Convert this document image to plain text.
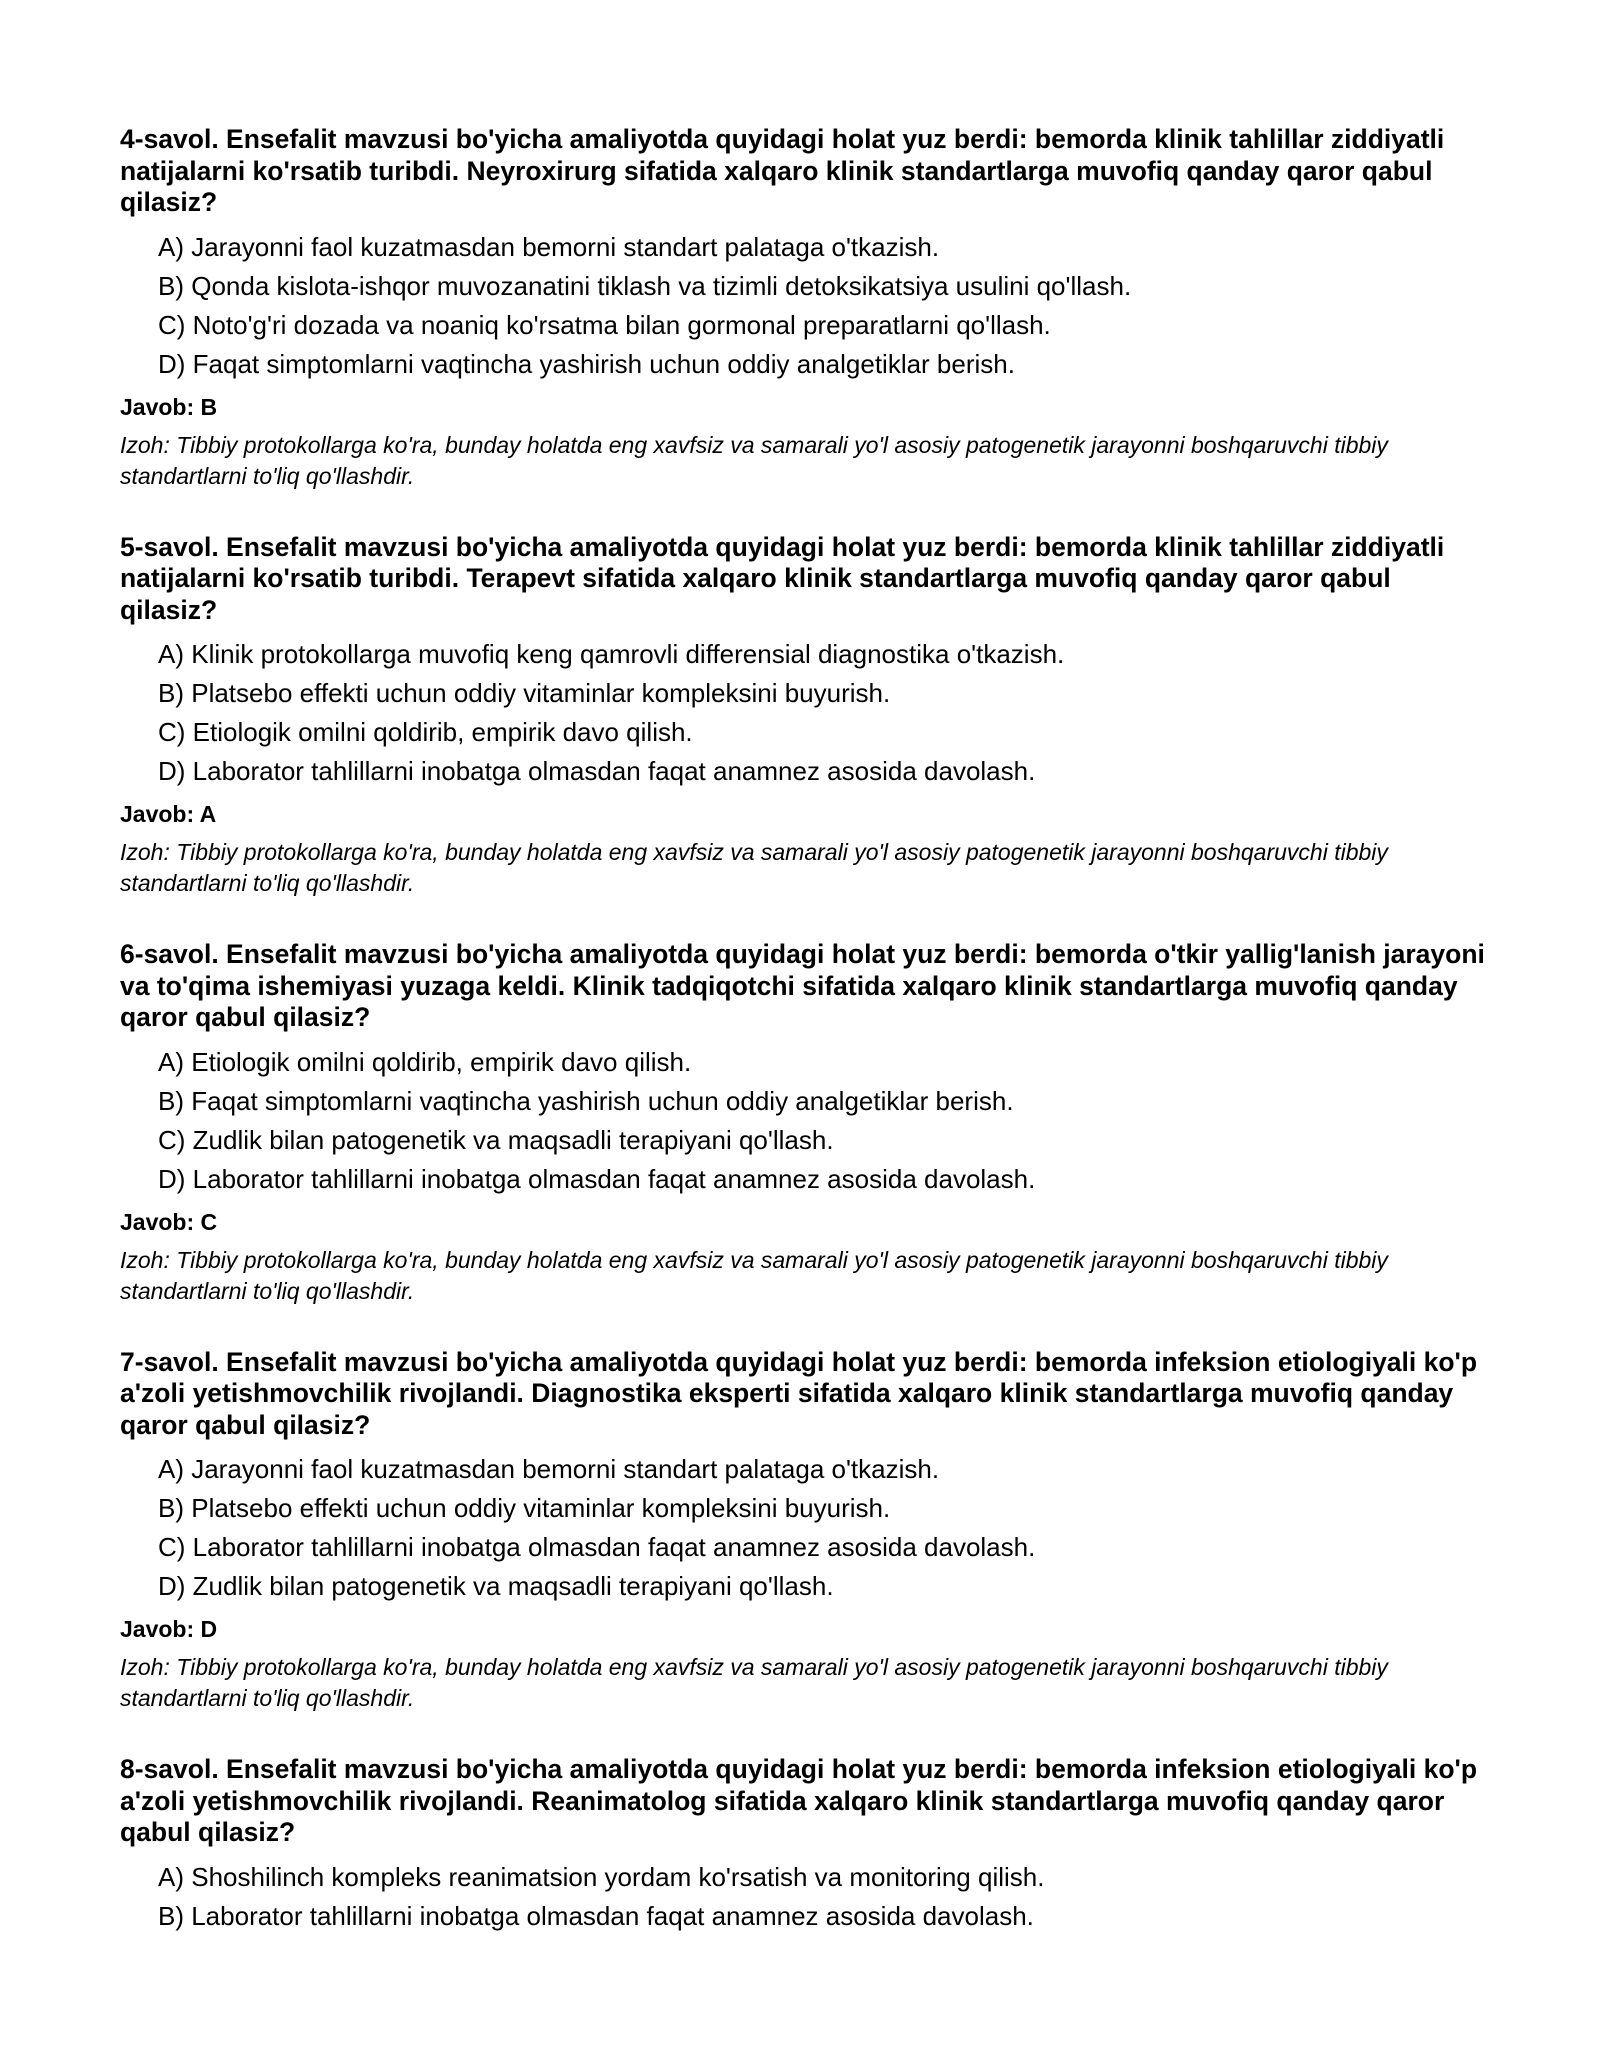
4-savol. Ensefalit mavzusi bo'yicha amaliyotda quyidagi holat yuz berdi: bemorda klinik tahlillar ziddiyatli natijalarni ko'rsatib turibdi. Neyroxirurg sifatida xalqaro klinik standartlarga muvofiq qanday qaror qabul qilasiz?
A) Jarayonni faol kuzatmasdan bemorni standart palataga o'tkazish.
B) Qonda kislota-ishqor muvozanatini tiklash va tizimli detoksikatsiya usulini qo'llash.
C) Noto'g'ri dozada va noaniq ko'rsatma bilan gormonal preparatlarni qo'llash.
D) Faqat simptomlarni vaqtincha yashirish uchun oddiy analgetiklar berish.
Javob: B
Izoh: Tibbiy protokollarga ko'ra, bunday holatda eng xavfsiz va samarali yo'l asosiy patogenetik jarayonni boshqaruvchi tibbiy standartlarni to'liq qo'llashdir.
5-savol. Ensefalit mavzusi bo'yicha amaliyotda quyidagi holat yuz berdi: bemorda klinik tahlillar ziddiyatli natijalarni ko'rsatib turibdi. Terapevt sifatida xalqaro klinik standartlarga muvofiq qanday qaror qabul qilasiz?
A) Klinik protokollarga muvofiq keng qamrovli differensial diagnostika o'tkazish.
B) Platsebo effekti uchun oddiy vitaminlar kompleksini buyurish.
C) Etiologik omilni qoldirib, empirik davo qilish.
D) Laborator tahlillarni inobatga olmasdan faqat anamnez asosida davolash.
Javob: A
Izoh: Tibbiy protokollarga ko'ra, bunday holatda eng xavfsiz va samarali yo'l asosiy patogenetik jarayonni boshqaruvchi tibbiy standartlarni to'liq qo'llashdir.
6-savol. Ensefalit mavzusi bo'yicha amaliyotda quyidagi holat yuz berdi: bemorda o'tkir yallig'lanish jarayoni va to'qima ishemiyasi yuzaga keldi. Klinik tadqiqotchi sifatida xalqaro klinik standartlarga muvofiq qanday qaror qabul qilasiz?
A) Etiologik omilni qoldirib, empirik davo qilish.
B) Faqat simptomlarni vaqtincha yashirish uchun oddiy analgetiklar berish.
C) Zudlik bilan patogenetik va maqsadli terapiyani qo'llash.
D) Laborator tahlillarni inobatga olmasdan faqat anamnez asosida davolash.
Javob: C
Izoh: Tibbiy protokollarga ko'ra, bunday holatda eng xavfsiz va samarali yo'l asosiy patogenetik jarayonni boshqaruvchi tibbiy standartlarni to'liq qo'llashdir.
7-savol. Ensefalit mavzusi bo'yicha amaliyotda quyidagi holat yuz berdi: bemorda infeksion etiologiyali ko'p a'zoli yetishmovchilik rivojlandi. Diagnostika eksperti sifatida xalqaro klinik standartlarga muvofiq qanday qaror qabul qilasiz?
A) Jarayonni faol kuzatmasdan bemorni standart palataga o'tkazish.
B) Platsebo effekti uchun oddiy vitaminlar kompleksini buyurish.
C) Laborator tahlillarni inobatga olmasdan faqat anamnez asosida davolash.
D) Zudlik bilan patogenetik va maqsadli terapiyani qo'llash.
Javob: D
Izoh: Tibbiy protokollarga ko'ra, bunday holatda eng xavfsiz va samarali yo'l asosiy patogenetik jarayonni boshqaruvchi tibbiy standartlarni to'liq qo'llashdir.
8-savol. Ensefalit mavzusi bo'yicha amaliyotda quyidagi holat yuz berdi: bemorda infeksion etiologiyali ko'p a'zoli yetishmovchilik rivojlandi. Reanimatolog sifatida xalqaro klinik standartlarga muvofiq qanday qaror qabul qilasiz?
A) Shoshilinch kompleks reanimatsion yordam ko'rsatish va monitoring qilish.
B) Laborator tahlillarni inobatga olmasdan faqat anamnez asosida davolash.
